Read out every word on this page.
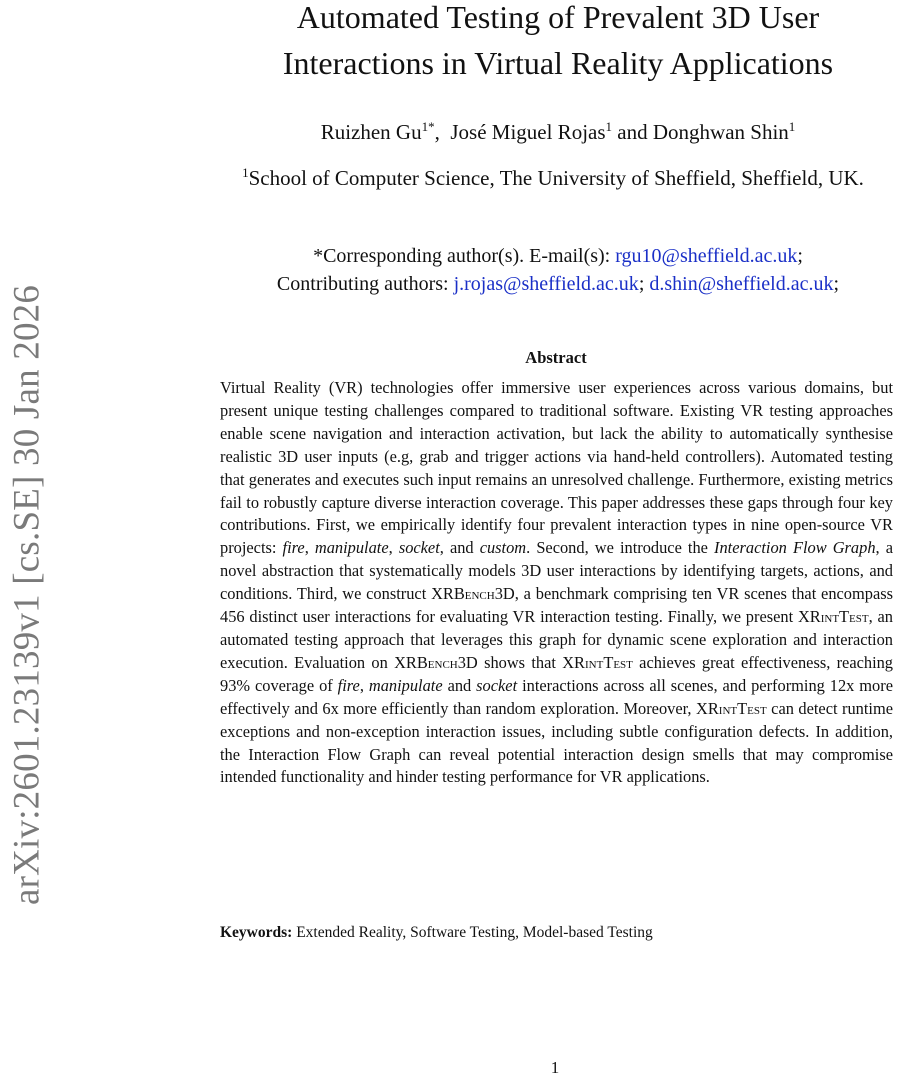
arXiv:2601.23139v1 [cs.SE] 30 Jan 2026
Automated Testing of Prevalent 3D User
Interactions in Virtual Reality Applications
Ruizhen $Gu^{1*}$,  José Miguel Rojas$^1$ and Donghwan Shin$^1$
$^1$School of Computer Science, The University of Sheffield, Sheffield, UK.
*Corresponding author(s). E-mail(s): rgu10@sheffield.ac.uk;
Contributing authors: j.rojas@sheffield.ac.uk; d.shin@sheffield.ac.uk;
Abstract

Virtual Reality (VR) technologies offer immersive user experiences across various domains, but present unique testing challenges compared to traditional software. Existing VR testing approaches enable scene navigation and interaction activation, but lack the ability to automatically synthesise realistic 3D user inputs (e.g, grab and trigger actions via hand-held controllers). Automated testing that generates and executes such input remains an unresolved challenge. Furthermore, existing metrics fail to robustly capture diverse interaction coverage. This paper addresses these gaps through four key contributions. First, we empirically identify four prevalent interaction types in nine open-source VR projects: fire, manipulate, socket, and custom. Second, we introduce the Interaction Flow Graph, a novel abstraction that systematically models 3D user interactions by identifying targets, actions, and conditions. Third, we construct XRBench3D, a benchmark comprising ten VR scenes that encompass 456 distinct user interactions for evaluating VR interaction testing. Finally, we present XRintTest, an automated testing approach that leverages this graph for dynamic scene exploration and interaction execution. Evaluation on XRBench3D shows that XRintTest achieves great effectiveness, reaching 93% coverage of fire, manipulate and socket interactions across all scenes, and performing 12x more effectively and 6x more efficiently than random exploration. Moreover, XRintTest can detect runtime exceptions and non-exception interaction issues, including subtle configuration defects. In addition, the Interaction Flow Graph can reveal potential interaction design smells that may compromise intended functionality and hinder testing performance for VR applications.

Keywords: Extended Reality, Software Testing, Model-based Testing
1
